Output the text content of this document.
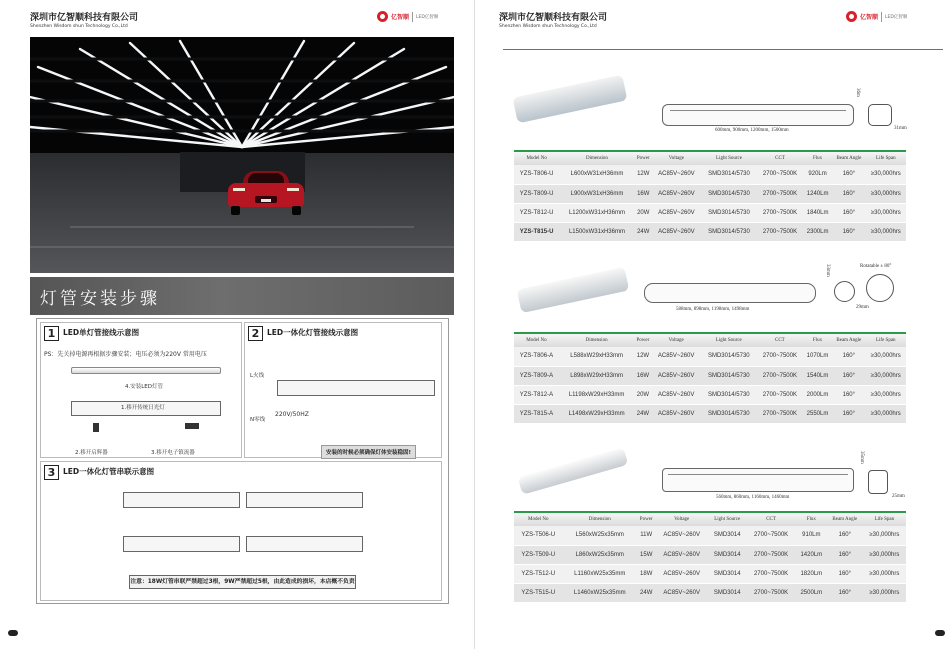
深圳市亿智顺科技有限公司
Shenzhen Wisdom shun Technology Co.,Ltd
亿智顺 LED亿智顺
灯管安装步骤
1	LED单灯管接线示意图
PS：先关掉电源再根据步骤安装；电压必须为220V 常用电压
4.安装LED灯管
1.移开传统日光灯
2.移开启辉器	3.移开电子镇流器
2	LED一体化灯管接线示意图
L火线
N零线
220V/50HZ
安装的时候必须确保灯体安装稳固!
3	LED一体化灯管串联示意图
注意：18W灯管串联严禁超过3根，9W严禁超过5根，由此造成的损坏，本店概不负责
深圳市亿智顺科技有限公司
Shenzhen Wisdom shun Technology Co.,Ltd
亿智顺 LED亿智顺
600mm, 900mm, 1200mm, 1500mm
36m
31mm
Model No	Dimension	Power	Voltage	Light Source	CCT	Flux	Beam Angle	Life Span
YZS-T806-U	L600xW31xH36mm	12W	AC85V~260V	SMD3014/5730	2700~7500K	920Lm	160°	≥30,000hrs
YZS-T809-U	L900xW31xH36mm	16W	AC85V~260V	SMD3014/5730	2700~7500K	1240Lm	160°	≥30,000hrs
YZS-T812-U	L1200xW31xH36mm	20W	AC85V~260V	SMD3014/5730	2700~7500K	1840Lm	160°	≥30,000hrs
YZS-T815-U	L1500xW31xH36mm	24W	AC85V~260V	SMD3014/5730	2700~7500K	2300Lm	160°	≥30,000hrs
588mm, 898mm, 1198mm, 1498mm
33mm
29mm
Rotatable ± 80°
Model No	Dimension	Power	Voltage	Light Source	CCT	Flux	Beam Angle	Life Span
YZS-T806-A	L588xW29xH33mm	12W	AC85V~260V	SMD3014/5730	2700~7500K	1070Lm	160°	≥30,000hrs
YZS-T809-A	L898xW29xH33mm	16W	AC85V~260V	SMD3014/5730	2700~7500K	1540Lm	160°	≥30,000hrs
YZS-T812-A	L1198xW29xH33mm	20W	AC85V~260V	SMD3014/5730	2700~7500K	2000Lm	160°	≥30,000hrs
YZS-T815-A	L1498xW29xH33mm	24W	AC85V~260V	SMD3014/5730	2700~7500K	2550Lm	160°	≥30,000hrs
560mm, 860mm, 1160mm, 1460mm
35mm
25mm
Model No	Dimension	Power	Voltage	Light Source	CCT	Flux	Beam Angle	Life Span
YZS-T506-U	L560xW25x35mm	11W	AC85V~260V	SMD3014	2700~7500K	910Lm	160°	≥30,000hrs
YZS-T509-U	L860xW25x35mm	15W	AC85V~260V	SMD3014	2700~7500K	1420Lm	160°	≥30,000hrs
YZS-T512-U	L1160xW25x35mm	18W	AC85V~260V	SMD3014	2700~7500K	1820Lm	160°	≥30,000hrs
YZS-T515-U	L1460xW25x35mm	24W	AC85V~260V	SMD3014	2700~7500K	2500Lm	160°	≥30,000hrs
